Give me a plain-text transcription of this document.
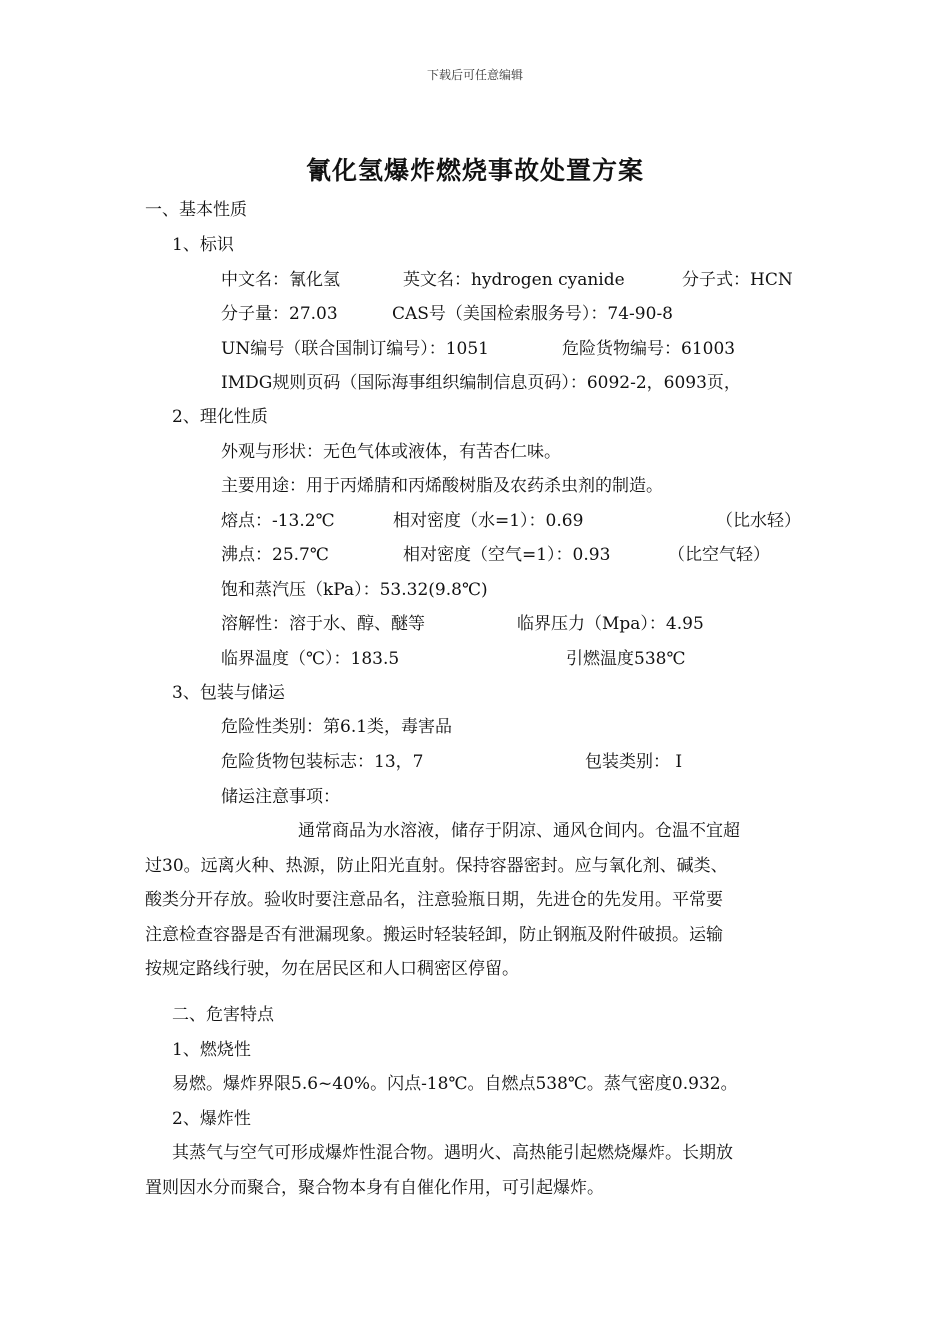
下载后可任意编辑
氰化氢爆炸燃烧事故处置方案
一、基本性质
1、标识
中文名：氰化氢	英文名：hydrogen cyanide	分子式：HCN
分子量：27.03	CAS号（美国检索服务号）：74-90-8
UN编号（联合国制订编号）：1051	危险货物编号：61003
IMDG规则页码（国际海事组织编制信息页码）：6092-2，6093页，
2、理化性质
外观与形状：无色气体或液体，有苦杏仁味。
主要用途：用于丙烯腈和丙烯酸树脂及农药杀虫剂的制造。
熔点：-13.2℃	相对密度（水=1）：0.69	（比水轻）
沸点：25.7℃	相对密度（空气=1）：0.93	（比空气轻）
饱和蒸汽压（kPa）：53.32(9.8℃)
溶解性：溶于水、醇、醚等	临界压力（Mpa）：4.95
临界温度（℃）：183.5	引燃温度538℃
3、包装与储运
危险性类别：第6.1类，毒害品
危险货物包装标志：13，7	包装类别： Ⅰ
储运注意事项：
通常商品为水溶液，储存于阴凉、通风仓间内。仓温不宜超
过30。远离火种、热源，防止阳光直射。保持容器密封。应与氧化剂、碱类、
酸类分开存放。验收时要注意品名，注意验瓶日期，先进仓的先发用。平常要
注意检查容器是否有泄漏现象。搬运时轻装轻卸，防止钢瓶及附件破损。运输
按规定路线行驶，勿在居民区和人口稠密区停留。
二、危害特点
1、燃烧性
易燃。爆炸界限5.6~40%。闪点-18℃。自燃点538℃。蒸气密度0.932。
2、爆炸性
其蒸气与空气可形成爆炸性混合物。遇明火、高热能引起燃烧爆炸。长期放
置则因水分而聚合，聚合物本身有自催化作用，可引起爆炸。
